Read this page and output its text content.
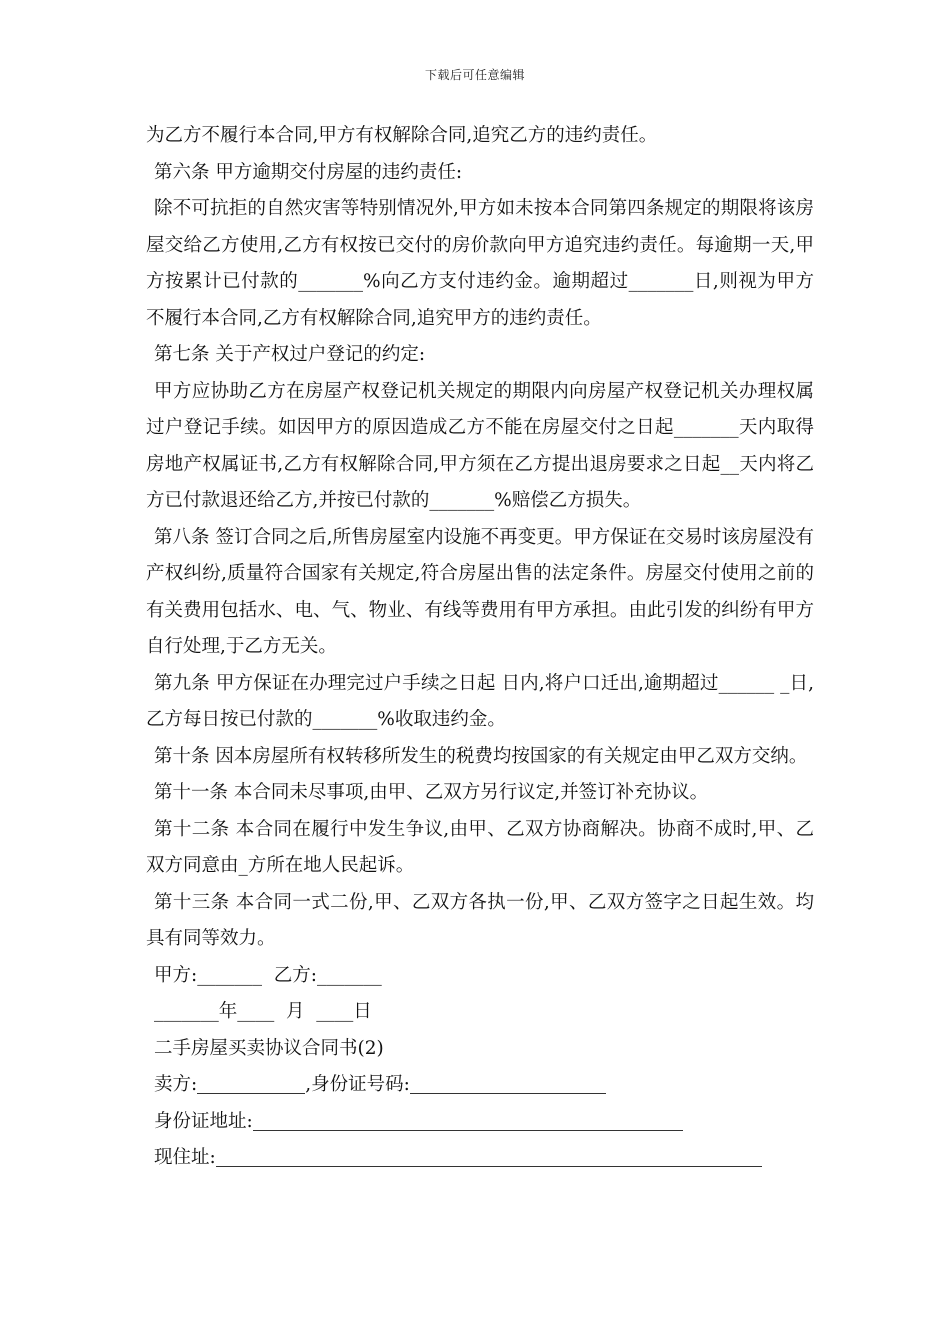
下载后可任意编辑

为乙方不履行本合同,甲方有权解除合同,追究乙方的违约责任。

第六条 甲方逾期交付房屋的违约责任:

除不可抗拒的自然灾害等特别情况外,甲方如未按本合同第四条规定的期限将该房屋交给乙方使用,乙方有权按已交付的房价款向甲方追究违约责任。每逾期一天,甲方按累计已付款的_______%向乙方支付违约金。逾期超过_______日,则视为甲方不履行本合同,乙方有权解除合同,追究甲方的违约责任。

第七条 关于产权过户登记的约定:

甲方应协助乙方在房屋产权登记机关规定的期限内向房屋产权登记机关办理权属过户登记手续。如因甲方的原因造成乙方不能在房屋交付之日起_______天内取得房地产权属证书,乙方有权解除合同,甲方须在乙方提出退房要求之日起__天内将乙方已付款退还给乙方,并按已付款的_______%赔偿乙方损失。

第八条 签订合同之后,所售房屋室内设施不再变更。甲方保证在交易时该房屋没有产权纠纷,质量符合国家有关规定,符合房屋出售的法定条件。房屋交付使用之前的有关费用包括水、电、气、物业、有线等费用有甲方承担。由此引发的纠纷有甲方自行处理,于乙方无关。

第九条 甲方保证在办理完过户手续之日起 日内,将户口迁出,逾期超过______ _日,乙方每日按已付款的_______%收取违约金。

第十条 因本房屋所有权转移所发生的税费均按国家的有关规定由甲乙双方交纳。

第十一条 本合同未尽事项,由甲、乙双方另行议定,并签订补充协议。

第十二条 本合同在履行中发生争议,由甲、乙双方协商解决。协商不成时,甲、乙双方同意由_方所在地人民起诉。

第十三条 本合同一式二份,甲、乙双方各执一份,甲、乙双方签字之日起生效。均具有同等效力。

甲方:_______ 乙方:_______

_______年____  月  ____日

二手房屋买卖协议合同书(2)

卖方:	,身份证号码:

身份证地址:

现住址:
